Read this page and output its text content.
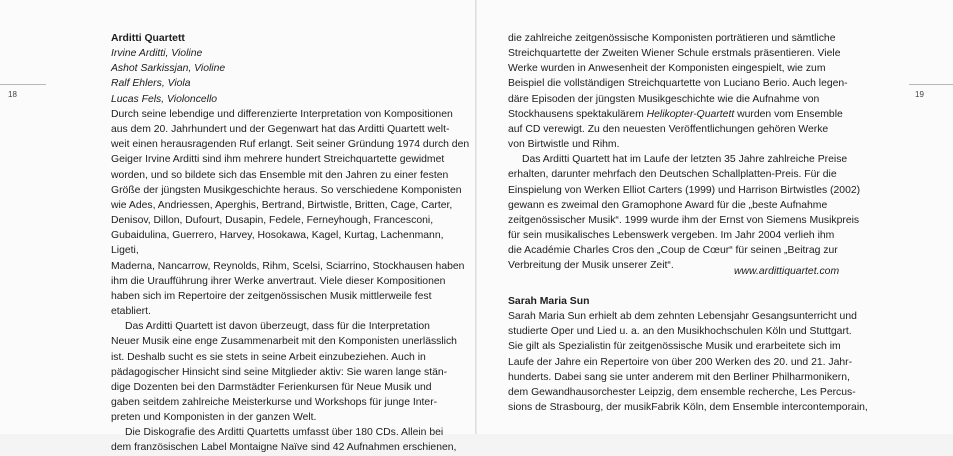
18
Arditti Quartett
Irvine Arditti, Violine
Ashot Sarkissjan, Violine
Ralf Ehlers, Viola
Lucas Fels, Violoncello
Durch seine lebendige und differenzierte Interpretation von Kompositionen
aus dem 20. Jahrhundert und der Gegenwart hat das Arditti Quartett welt-
weit einen herausragenden Ruf erlangt. Seit seiner Gründung 1974 durch den
Geiger Irvine Arditti sind ihm mehrere hundert Streichquartette gewidmet
worden, und so bildete sich das Ensemble mit den Jahren zu einer festen
Größe der jüngsten Musikgeschichte heraus. So verschiedene Komponisten
wie Ades, Andriessen, Aperghis, Bertrand, Birtwistle, Britten, Cage, Carter,
Denisov, Dillon, Dufourt, Dusapin, Fedele, Ferneyhough, Francesconi,
Gubaidulina, Guerrero, Harvey, Hosokawa, Kagel, Kurtag, Lachenmann, Ligeti,
Maderna, Nancarrow, Reynolds, Rihm, Scelsi, Sciarrino, Stockhausen haben
ihm die Uraufführung ihrer Werke anvertraut. Viele dieser Kompositionen
haben sich im Repertoire der zeitgenössischen Musik mittlerweile fest etabliert.
Das Arditti Quartett ist davon überzeugt, dass für die Interpretation
Neuer Musik eine enge Zusammenarbeit mit den Komponisten unerlässlich
ist. Deshalb sucht es sie stets in seine Arbeit einzubeziehen. Auch in
pädagogischer Hinsicht sind seine Mitglieder aktiv: Sie waren lange stän-
dige Dozenten bei den Darmstädter Ferienkursen für Neue Musik und
gaben seitdem zahlreiche Meisterkurse und Workshops für junge Inter-
preten und Komponisten in der ganzen Welt.
Die Diskografie des Arditti Quartetts umfasst über 180 CDs. Allein bei
dem französischen Label Montaigne Naïve sind 42 Aufnahmen erschienen,
19
die zahlreiche zeitgenössische Komponisten porträtieren und sämtliche
Streichquartette der Zweiten Wiener Schule erstmals präsentieren. Viele
Werke wurden in Anwesenheit der Komponisten eingespielt, wie zum
Beispiel die vollständigen Streichquartette von Luciano Berio. Auch legen-
däre Episoden der jüngsten Musikgeschichte wie die Aufnahme von
Stockhausens spektakulärem Helikopter-Quartett wurden vom Ensemble
auf CD verewigt. Zu den neuesten Veröffentlichungen gehören Werke
von Birtwistle und Rihm.
Das Arditti Quartett hat im Laufe der letzten 35 Jahre zahlreiche Preise
erhalten, darunter mehrfach den Deutschen Schallplatten-Preis. Für die
Einspielung von Werken Elliot Carters (1999) und Harrison Birtwistles (2002)
gewann es zweimal den Gramophone Award für die „beste Aufnahme
zeitgenössischer Musik“. 1999 wurde ihm der Ernst von Siemens Musikpreis
für sein musikalisches Lebenswerk vergeben. Im Jahr 2004 verlieh ihm
die Académie Charles Cros den „Coup de Cœur“ für seinen „Beitrag zur
Verbreitung der Musik unserer Zeit“.
www.ardittiquartet.com
Sarah Maria Sun
Sarah Maria Sun erhielt ab dem zehnten Lebensjahr Gesangsunterricht und
studierte Oper und Lied u. a. an den Musikhochschulen Köln und Stuttgart.
Sie gilt als Spezialistin für zeitgenössische Musik und erarbeitete sich im
Laufe der Jahre ein Repertoire von über 200 Werken des 20. und 21. Jahr-
hunderts. Dabei sang sie unter anderem mit den Berliner Philharmonikern,
dem Gewandhausorchester Leipzig, dem ensemble recherche, Les Percus-
sions de Strasbourg, der musikFabrik Köln, dem Ensemble intercontemporain,
